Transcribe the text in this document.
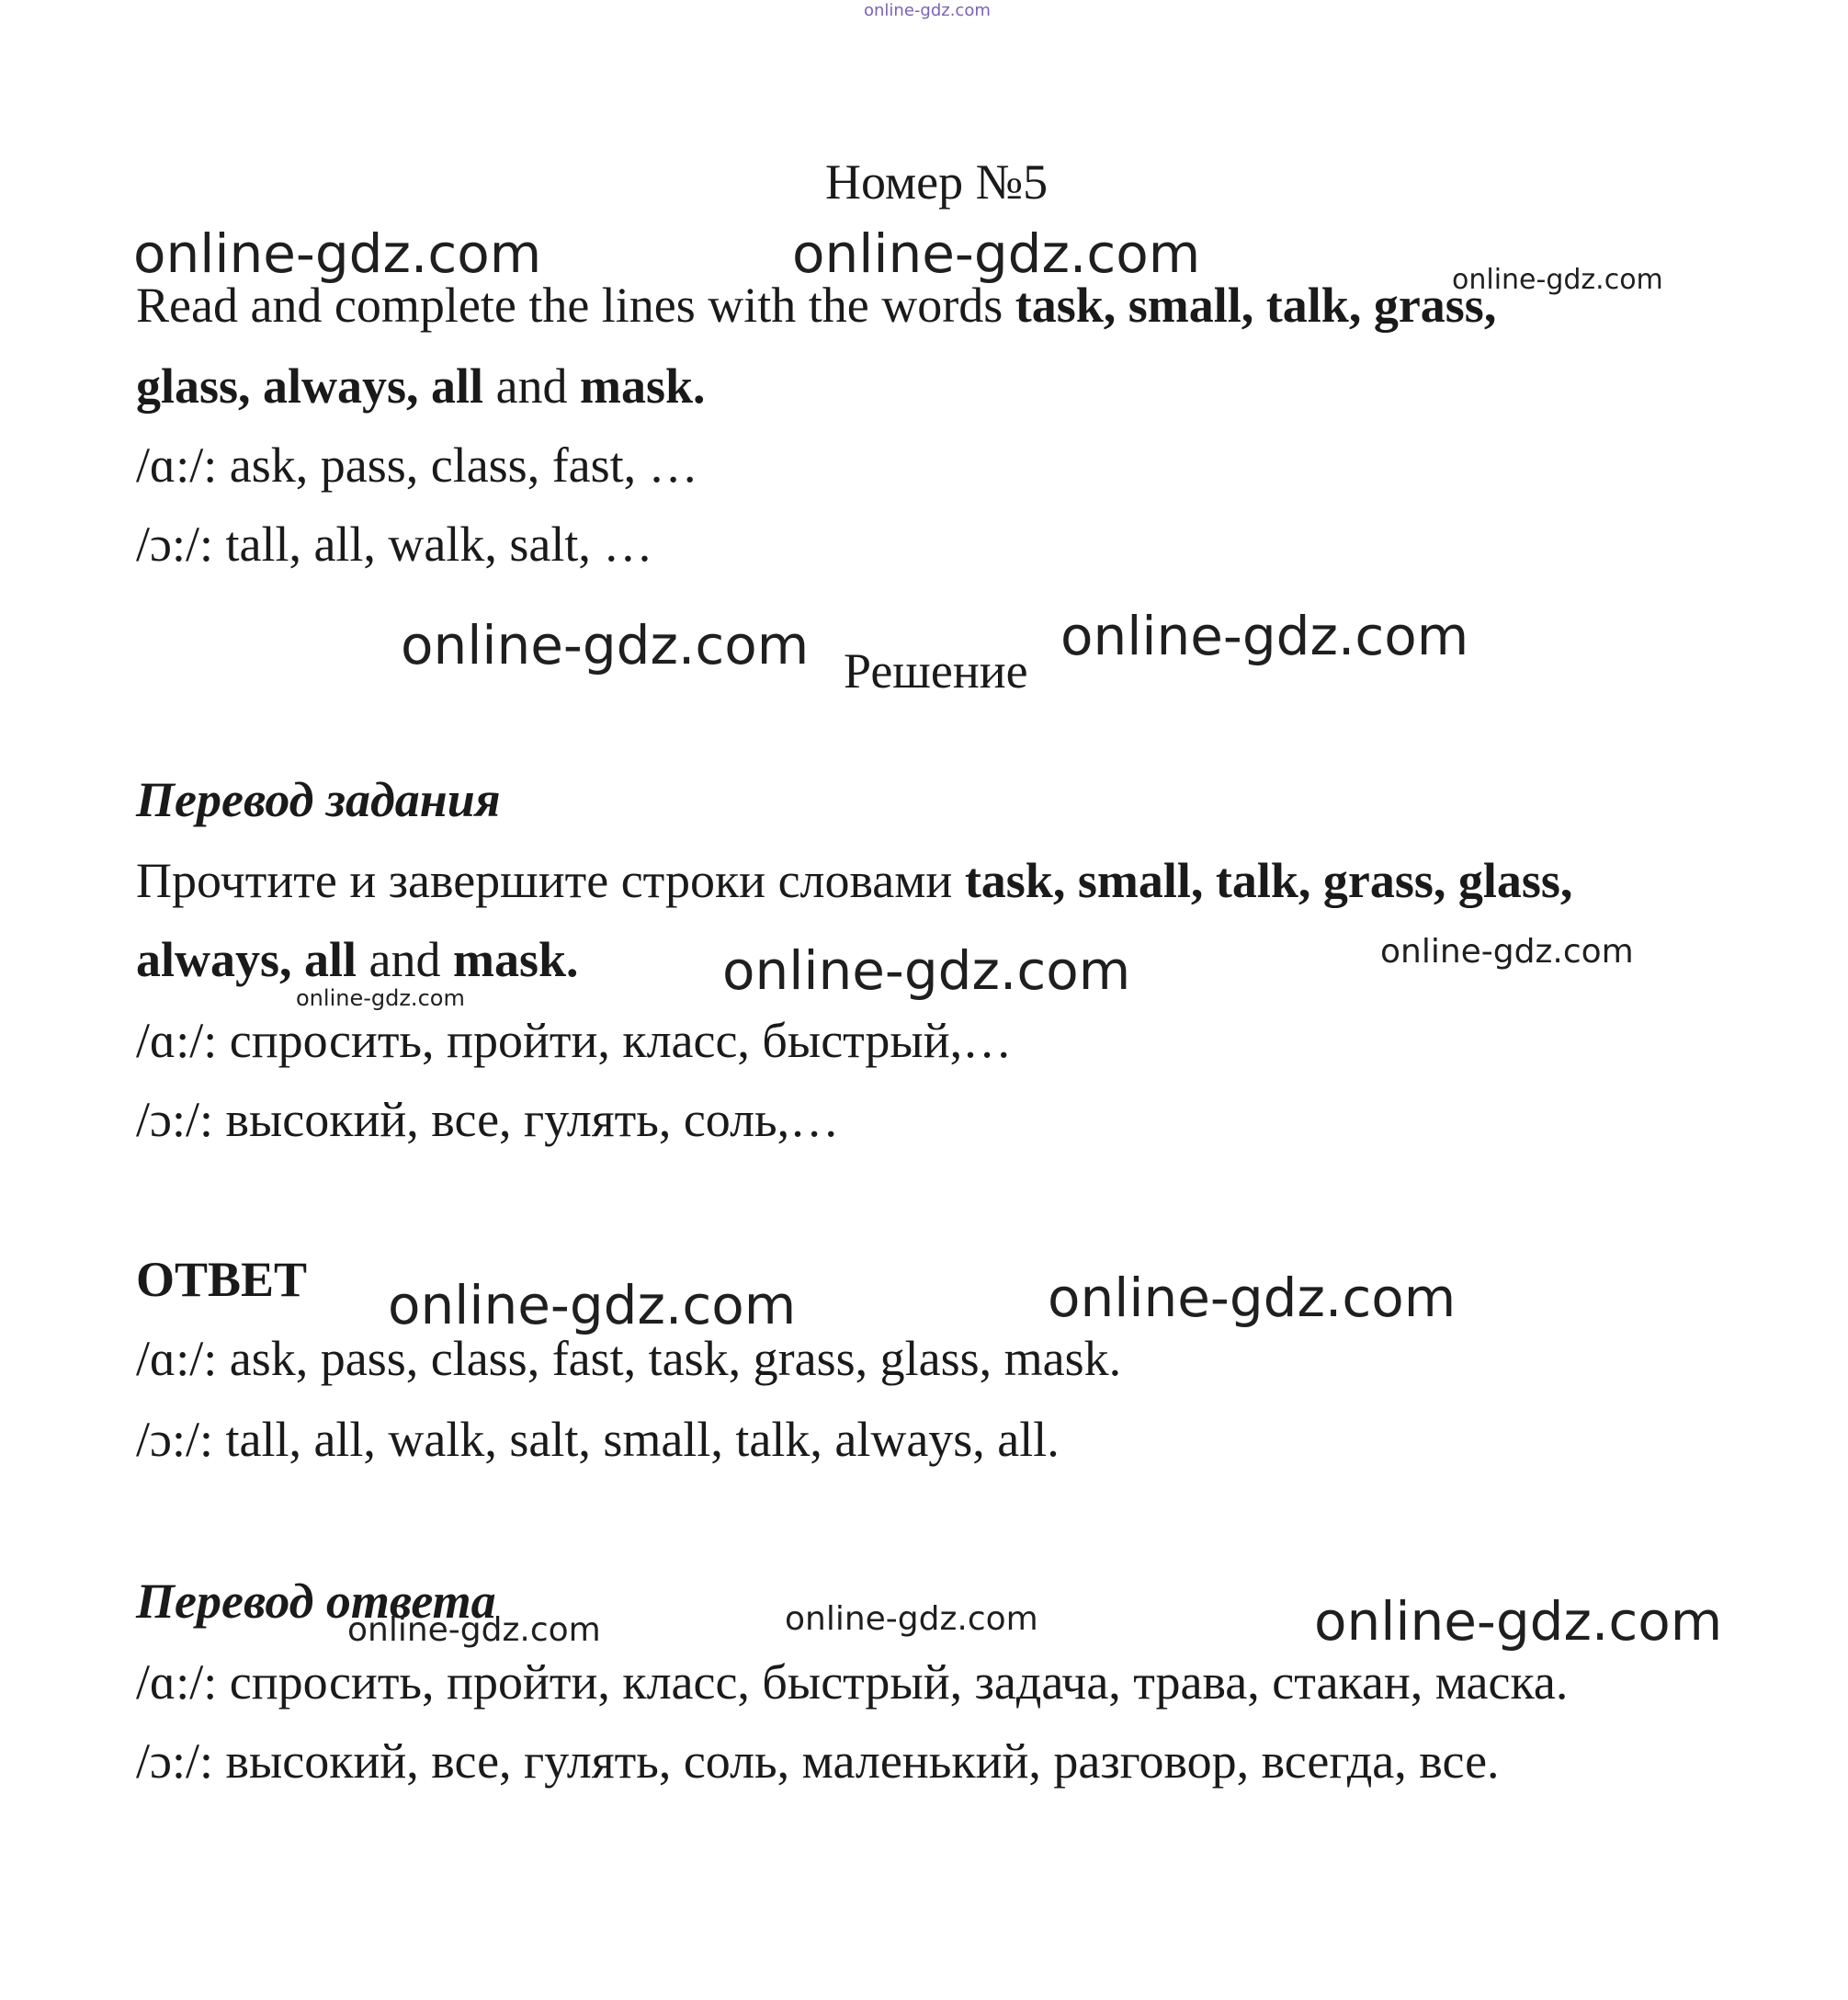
online-gdz.com
Номер №5
online-gdz.com	online-gdz.com	online-gdz.com
Read and complete the lines with the words task, small, talk, grass,
glass, always, all and mask.
/ɑ:/: ask, pass, class, fast, …
/ɔ:/: tall, all, walk, salt, …
online-gdz.com Решение
online-gdz.com
Перевод задания
Прочтите и завершите строки словами task, small, talk, grass, glass,
always, all and mask.
online-gdz.com	online-gdz.com	online-gdz.com
/ɑ:/: спросить, пройти, класс, быстрый,…
/ɔ:/: высокий, все, гулять, соль,…
ОТВЕТ online-gdz.com	online-gdz.com
/ɑ:/: ask, pass, class, fast, task, grass, glass, mask.
/ɔ:/: tall, all, walk, salt, small, talk, always, all.
Перевод ответа
online-gdz.com	online-gdz.com	online-gdz.com
/ɑ:/: спросить, пройти, класс, быстрый, задача, трава, стакан, маска.
/ɔ:/: высокий, все, гулять, соль, маленький, разговор, всегда, все.
